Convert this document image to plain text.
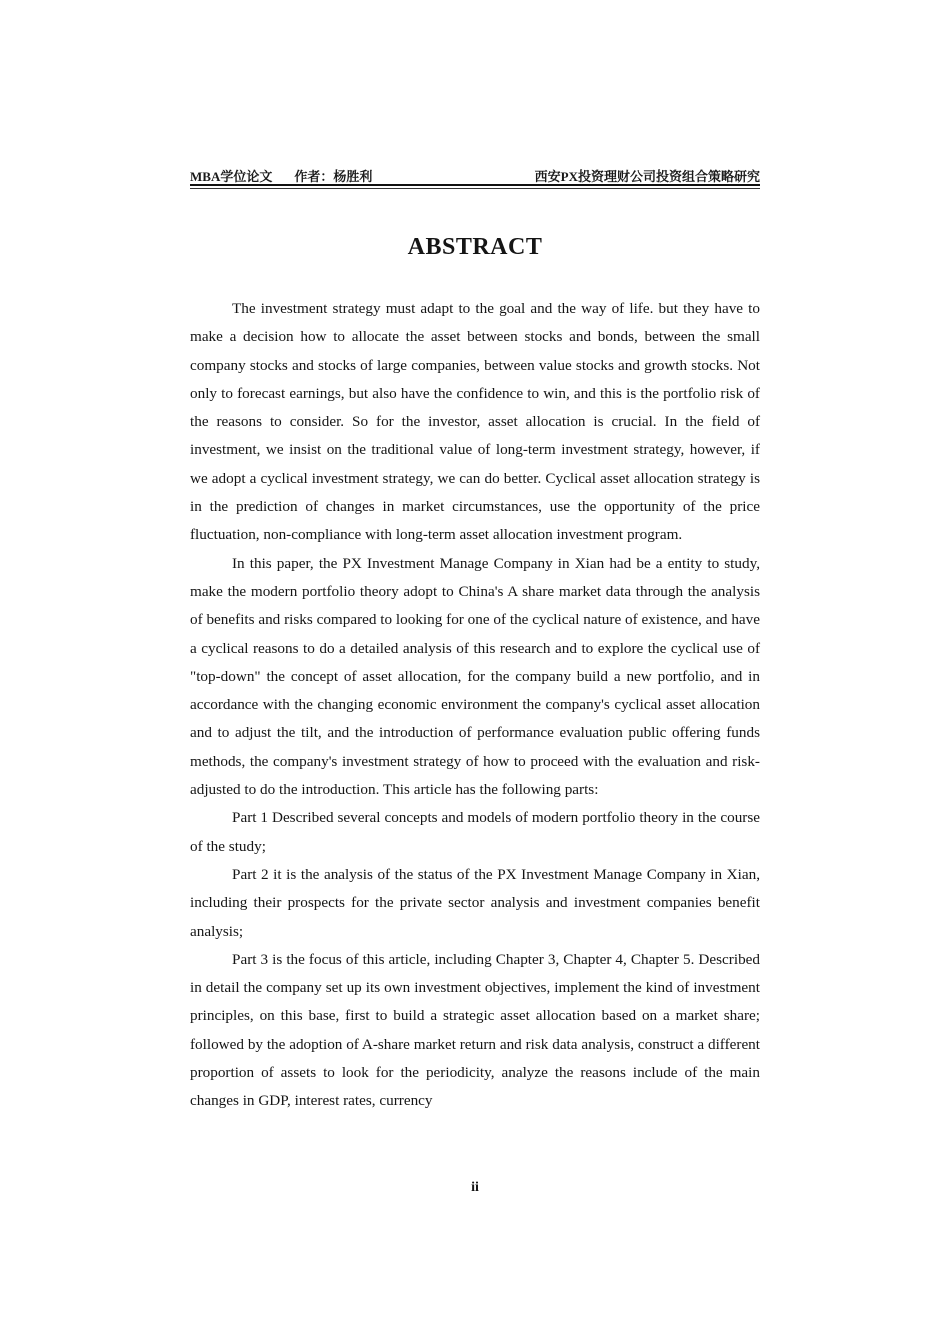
MBA学位论文 作者：杨胜利	西安PX投资理财公司投资组合策略研究
ABSTRACT

The investment strategy must adapt to the goal and the way of life. but they have to make a decision how to allocate the asset between stocks and bonds, between the small company stocks and stocks of large companies, between value stocks and growth stocks. Not only to forecast earnings, but also have the confidence to win, and this is the portfolio risk of the reasons to consider. So for the investor, asset allocation is crucial. In the field of investment, we insist on the traditional value of long-term investment strategy, however, if we adopt a cyclical investment strategy, we can do better. Cyclical asset allocation strategy is in the prediction of changes in market circumstances, use the opportunity of the price fluctuation, non-compliance with long-term asset allocation investment program.

In this paper, the PX Investment Manage Company in Xian had be a entity to study, make the modern portfolio theory adopt to China's A share market data through the analysis of benefits and risks compared to looking for one of the cyclical nature of existence, and have a cyclical reasons to do a detailed analysis of this research and to explore the cyclical use of "top-down" the concept of asset allocation, for the company build a new portfolio, and in accordance with the changing economic environment the company's cyclical asset allocation and to adjust the tilt, and the introduction of performance evaluation public offering funds methods, the company's investment strategy of how to proceed with the evaluation and risk-adjusted to do the introduction. This article has the following parts:

Part 1 Described several concepts and models of modern portfolio theory in the course of the study;

Part 2 it is the analysis of the status of the PX Investment Manage Company in Xian, including their prospects for the private sector analysis and investment companies benefit analysis;

Part 3 is the focus of this article, including Chapter 3, Chapter 4, Chapter 5. Described in detail the company set up its own investment objectives, implement the kind of investment principles, on this base, first to build a strategic asset allocation based on a market share; followed by the adoption of A-share market return and risk data analysis, construct a different proportion of assets to look for the periodicity, analyze the reasons include of the main changes in GDP, interest rates, currency

ii
